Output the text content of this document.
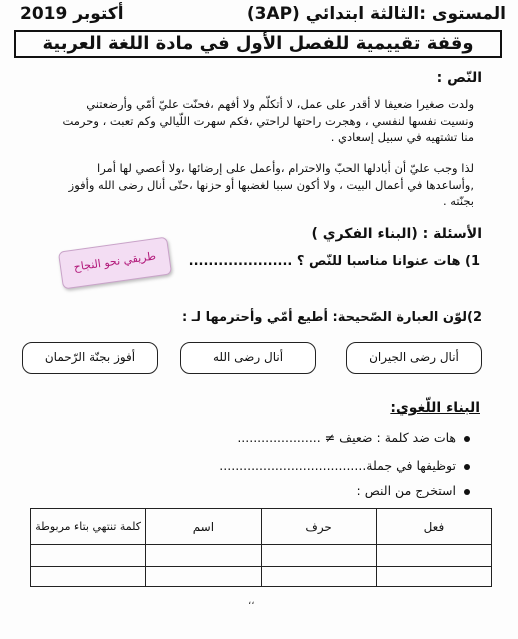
المستوى :الثالثة ابتدائي (3AP)
أكتوبر 2019
وقفة تقييمية للفصل الأول في مادة اللغة العربية
النّص :
ولدت صغيرا ضعيفا لا أقدر على عمل، لا أتكلّم ولا أفهم ،فحنّت عليّ أمّي وأرضعتني
ونسيت نفسها لنفسي ، وهجرت راحتها لراحتي ،فكم سهرت اللّيالي وكم تعبت ، وحرمت
منا تشتهيه في سبيل إسعادي .
لذا وجب عليّ أن أبادلها الحبّ والاحترام ،وأعمل على إرضائها ،ولا أعصي لها أمرا
,وأساعدها في أعمال البيت ، ولا أكون سببا لغضبها أو حزنها ،حتّى أنال رضى الله وأفوز
بجنّته .
الأسئلة : (البناء الفكري )
طريقي نحو النجاح	1) هات عنوانا مناسبا للنّص ؟ .....................
2)لوّن العبارة الصّحيحة: أطيع أمّي وأحترمها لـ :
أنال رضى الجيران
أنال رضى الله
أفوز بجنّة الرّحمان
البناء اللّغوي:
هات ضد كلمة : ضعيف ≠ .....................
توظيفها في جملة.....................................
استخرج من النص :
فعل	حرف	اسم	كلمة تنتهي بتاء مربوطة

،،
